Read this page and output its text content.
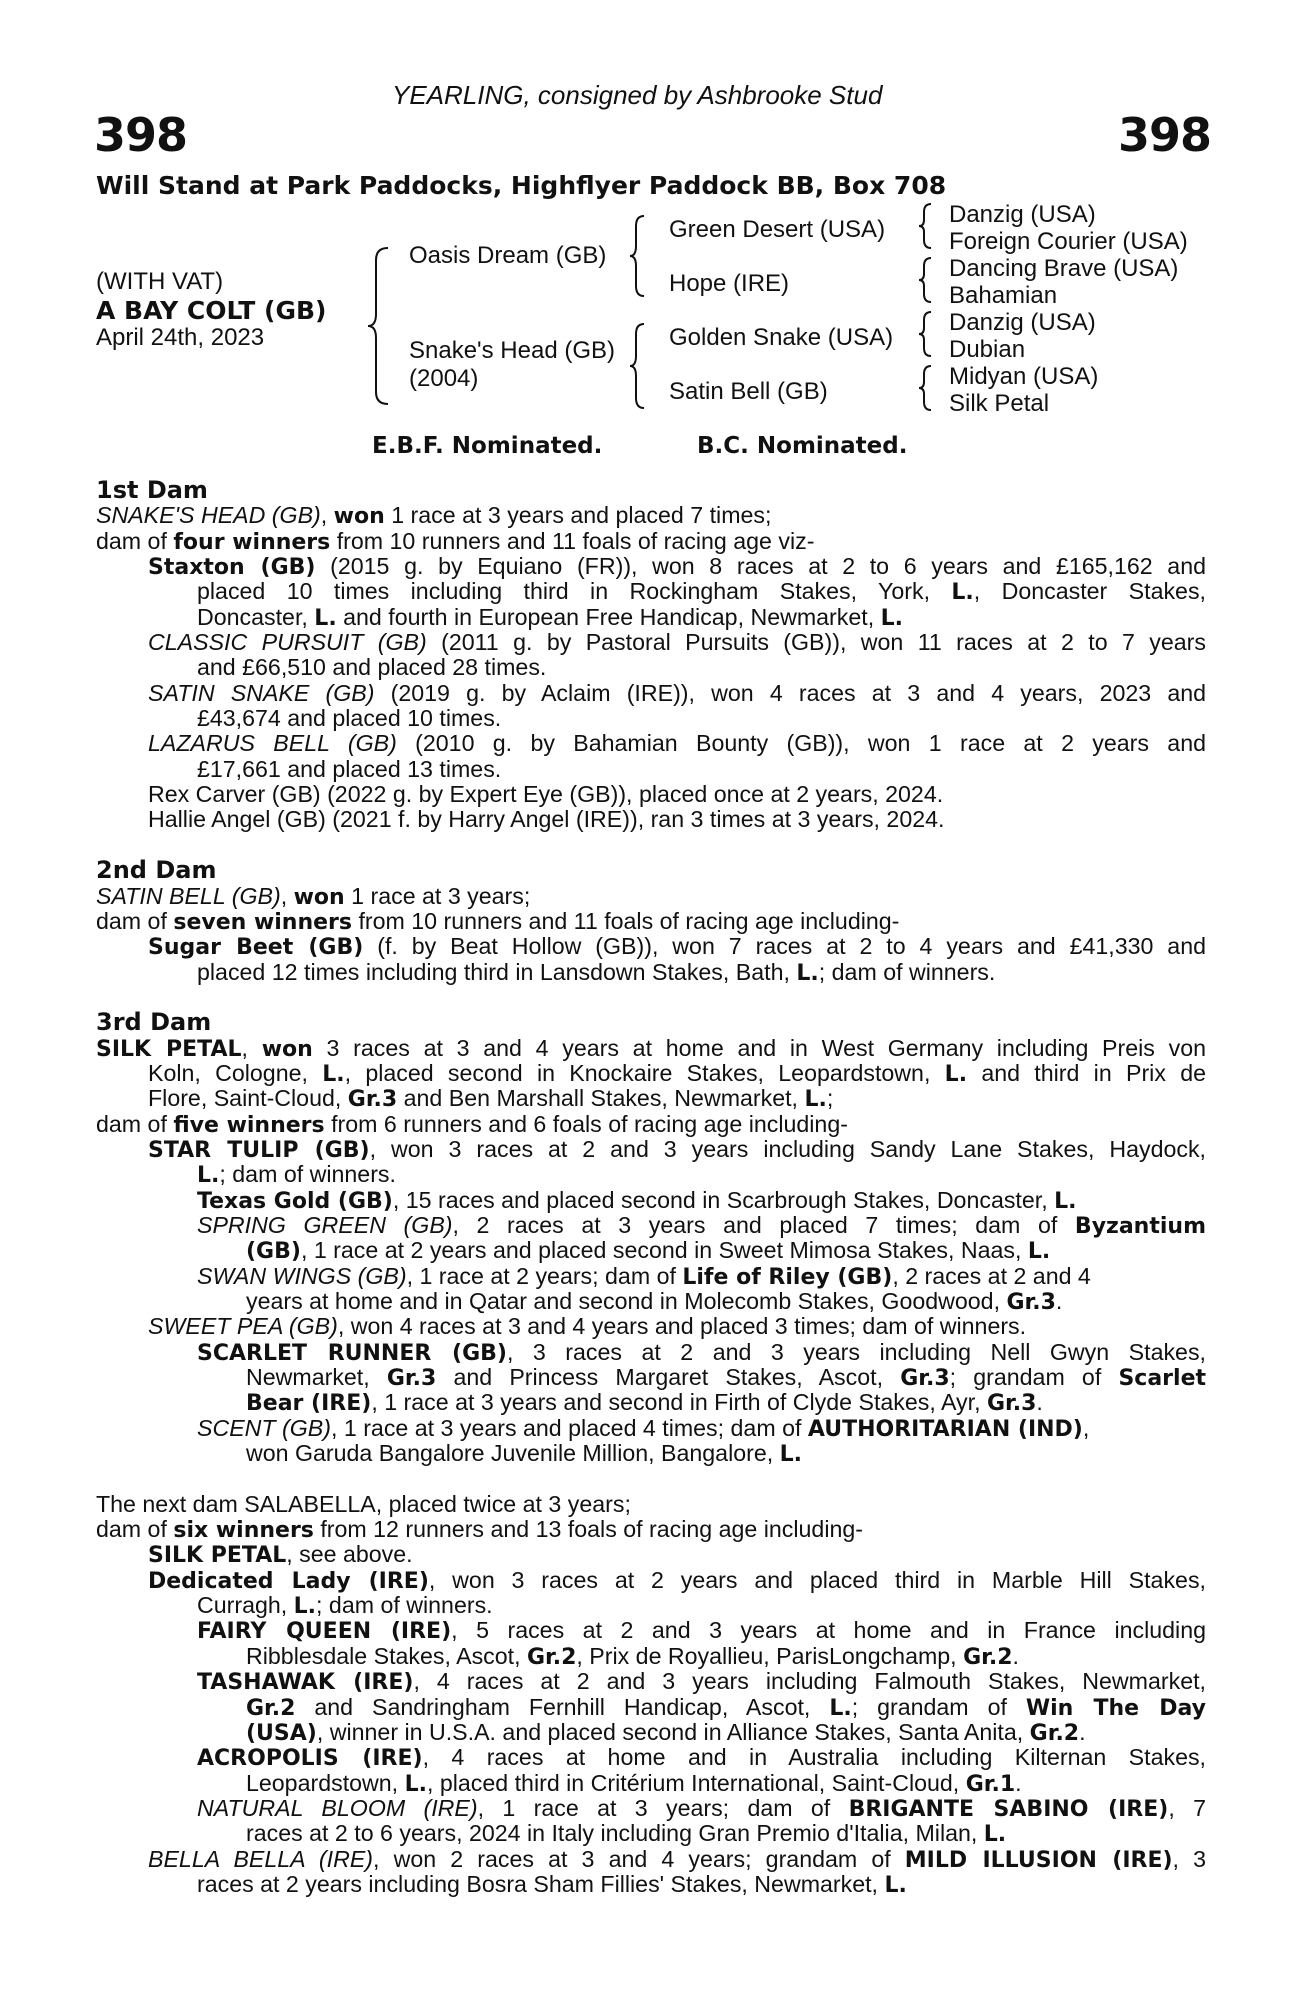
YEARLING, consigned by Ashbrooke Stud
398	398
Will Stand at Park Paddocks, Highflyer Paddock BB, Box 708
(WITH VAT)
A BAY COLT (GB)
April 24th, 2023
Oasis Dream (GB)
Snake's Head (GB)
(2004)
Green Desert (USA)
Hope (IRE)
Golden Snake (USA)
Satin Bell (GB)
Danzig (USA)
Foreign Courier (USA)
Dancing Brave (USA)
Bahamian
Danzig (USA)
Dubian
Midyan (USA)
Silk Petal
E.B.F. Nominated.	B.C. Nominated.
1st Dam
SNAKE'S HEAD (GB), won 1 race at 3 years and placed 7 times;
dam of four winners from 10 runners and 11 foals of racing age viz-
Staxton (GB) (2015 g. by Equiano (FR)), won 8 races at 2 to 6 years and £165,162 and
placed 10 times including third in Rockingham Stakes, York, L., Doncaster Stakes,
Doncaster, L. and fourth in European Free Handicap, Newmarket, L.
CLASSIC PURSUIT (GB) (2011 g. by Pastoral Pursuits (GB)), won 11 races at 2 to 7 years
and £66,510 and placed 28 times.
SATIN SNAKE (GB) (2019 g. by Aclaim (IRE)), won 4 races at 3 and 4 years, 2023 and
£43,674 and placed 10 times.
LAZARUS BELL (GB) (2010 g. by Bahamian Bounty (GB)), won 1 race at 2 years and
£17,661 and placed 13 times.
Rex Carver (GB) (2022 g. by Expert Eye (GB)), placed once at 2 years, 2024.
Hallie Angel (GB) (2021 f. by Harry Angel (IRE)), ran 3 times at 3 years, 2024.
2nd Dam
SATIN BELL (GB), won 1 race at 3 years;
dam of seven winners from 10 runners and 11 foals of racing age including-
Sugar Beet (GB) (f. by Beat Hollow (GB)), won 7 races at 2 to 4 years and £41,330 and
placed 12 times including third in Lansdown Stakes, Bath, L.; dam of winners.
3rd Dam
SILK PETAL, won 3 races at 3 and 4 years at home and in West Germany including Preis von
Koln, Cologne, L., placed second in Knockaire Stakes, Leopardstown, L. and third in Prix de
Flore, Saint-Cloud, Gr.3 and Ben Marshall Stakes, Newmarket, L.;
dam of five winners from 6 runners and 6 foals of racing age including-
STAR TULIP (GB), won 3 races at 2 and 3 years including Sandy Lane Stakes, Haydock,
L.; dam of winners.
Texas Gold (GB), 15 races and placed second in Scarbrough Stakes, Doncaster, L.
SPRING GREEN (GB), 2 races at 3 years and placed 7 times; dam of Byzantium
(GB), 1 race at 2 years and placed second in Sweet Mimosa Stakes, Naas, L.
SWAN WINGS (GB), 1 race at 2 years; dam of Life of Riley (GB), 2 races at 2 and 4
years at home and in Qatar and second in Molecomb Stakes, Goodwood, Gr.3.
SWEET PEA (GB), won 4 races at 3 and 4 years and placed 3 times; dam of winners.
SCARLET RUNNER (GB), 3 races at 2 and 3 years including Nell Gwyn Stakes,
Newmarket, Gr.3 and Princess Margaret Stakes, Ascot, Gr.3; grandam of Scarlet
Bear (IRE), 1 race at 3 years and second in Firth of Clyde Stakes, Ayr, Gr.3.
SCENT (GB), 1 race at 3 years and placed 4 times; dam of AUTHORITARIAN (IND),
won Garuda Bangalore Juvenile Million, Bangalore, L.
The next dam SALABELLA, placed twice at 3 years;
dam of six winners from 12 runners and 13 foals of racing age including-
SILK PETAL, see above.
Dedicated Lady (IRE), won 3 races at 2 years and placed third in Marble Hill Stakes,
Curragh, L.; dam of winners.
FAIRY QUEEN (IRE), 5 races at 2 and 3 years at home and in France including
Ribblesdale Stakes, Ascot, Gr.2, Prix de Royallieu, ParisLongchamp, Gr.2.
TASHAWAK (IRE), 4 races at 2 and 3 years including Falmouth Stakes, Newmarket,
Gr.2 and Sandringham Fernhill Handicap, Ascot, L.; grandam of Win The Day
(USA), winner in U.S.A. and placed second in Alliance Stakes, Santa Anita, Gr.2.
ACROPOLIS (IRE), 4 races at home and in Australia including Kilternan Stakes,
Leopardstown, L., placed third in Critérium International, Saint-Cloud, Gr.1.
NATURAL BLOOM (IRE), 1 race at 3 years; dam of BRIGANTE SABINO (IRE), 7
races at 2 to 6 years, 2024 in Italy including Gran Premio d'Italia, Milan, L.
BELLA BELLA (IRE), won 2 races at 3 and 4 years; grandam of MILD ILLUSION (IRE), 3
races at 2 years including Bosra Sham Fillies' Stakes, Newmarket, L.
